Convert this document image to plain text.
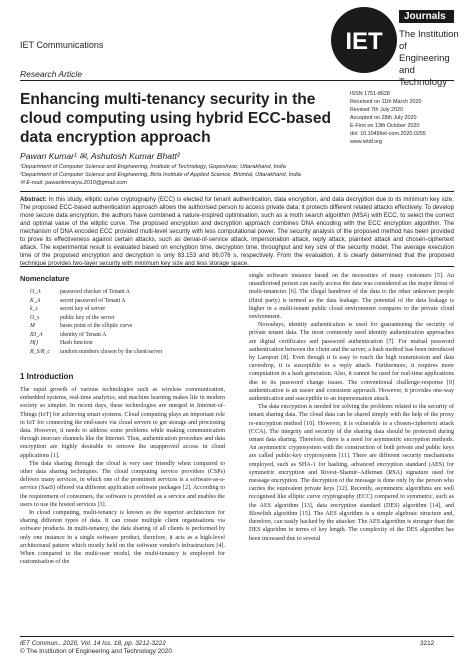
IET Communications
Research Article
IET
Journals
The Institution of
Engineering and Technology
Enhancing multi-tenancy security in the cloud computing using hybrid ECC-based data encryption approach
ISSN 1751-8628
Received on 11th March 2020
Revised 7th July 2020
Accepted on 28th July 2020
E-First on 13th October 2020
doi: 10.1049/iet-com.2020.0255
www.ietdl.org
Pawan Kumar¹ ✉, Ashutosh Kumar Bhatt²
¹Department of Computer Science and Engineering, Institute of Technology, Gopeshwar, Uttarakhand, India
²Department of Computer Science and Engineering, Birla Institute of Applied Science, Bhimtal, Uttarakhand, India
✉ E-mail: pawankmrarya.2010@gmail.com
Abstract: In this study, elliptic curve cryptography (ECC) is elected for tenant authentication, data encryption, and data decryption due to its minimum key size. The proposed ECC-based authentication approach allows the authorised person to access private data; it protects different related attacks effectively. To develop more secure data encryption, the authors have combined a nature-inspired optimisation, such as a moth search algorithm (MSA) with ECC, to select the correct and optimal value of the elliptic curve. The proposed encryption and decryption approach combines DNA encoding with the ECC encryption algorithm. The mechanism of DNA encoded ECC provided multi-level security with less computational power. The security analysis of the proposed method has been provided to prove its effectiveness against certain attacks, such as denial-of-service attack, impersonation attack, reply attack, plaintext attack and chosen-ciphertext attack. The experimental result is evaluated based on encryption time, decryption time, throughput and key size of the security model. The average execution time of the proposed encryption and decryption is only 83.153 and 86.076 s, respectively. From the evaluation, it is clearly determined that the proposed technique provides two-layer security with minimum key size and less storage space.
Nomenclature
O_A	password checker of Tenant A
K_A	secret password of Tenant A
k_s	secret key of server
O_s	public key of the server
M	bases point of the elliptic curve
ID_A	identity of Tenant A
H()	Hash function
R_S/R_c	random numbers chosen by the client/server
1 Introduction

The rapid growth of various technologies such as wireless communication, embedded systems, real-time analytics, and machine learning makes life in modern society so simpler. In recent days, these technologies are merged in Internet-of-Things (IoT) for achieving smart systems. Cloud computing plays an important role in IoT for connecting the end-users via cloud servers to get storage and processing data. However, it needs to address some problems while making communication through insecure channels like the Internet. Thus, authentication procedure and data encryption are highly desirable to remove the unapproved access in cloud applications [1].

The data sharing through the cloud is very user friendly when compared to other data sharing techniques. The cloud computing service providers (CSPs) delivers many services, in which one of the prominent services is a software-as-a-service (SaaS) offered via different application software packages [2]. According to the requirement of consumers, the software is provided as a service and enables the users to use the hosted services [3].

In cloud computing, multi-tenancy is known as the superior architecture for sharing different types of data. It can create multiple client organisations via software products. In multi-tenancy, the data sharing of all clients is performed by only one instance in a single software product, therefore, it acts as a high-level architectural pattern which mostly held on the software vendor's infrastructure [4]. When compared to the multi-user model, the multi-tenancy is employed for customisation of the

single software instance based on the necessities of many customers [5]. An unauthorised person can easily access the data was considered as the major threat of multi-tenancies [6]. The illegal handover of the data to the other unknown people (third party) is termed as the data leakage. The potential of the data leakage is higher in a multi-tenant public cloud environment compares to the private cloud environment.

Nowadays, identity authentication is used for guaranteeing the security of private tenant data. The most commonly used identity authentication approaches are digital certificates and password authentication [7]. For mutual password authentication between the client and the server, a hash method has been introduced by Lamport [8]. Even though it is easy to reach the high transmission and data cavesdrop, it is susceptible to a reply attack. Furthermore, it requires more computation in a hash generation. Also, it cannot be used for real-time applications due to its password change issues. The conventional challenge-response [9] authentication is an easier and consistent approach. However, it provides one-way authentication and susceptible to an impersonation attack.

The data encryption is needed for solving the problems related to the security of tenant sharing data. The cloud data can be shared simply with the help of the proxy re-encryption method [10]. However, it is vulnerable to a chosen-ciphertext attack (CCA). The integrity and security of the sharing data should be protected during tenant data sharing. Therefore, there is a need for asymmetric encryption methods. An asymmetric cryptosystem with the construction of both private and public keys are called public-key cryptosystem [11]. There are different security mechanisms employed, such as SHA-1 for hashing, advanced encryption standard (AES) for symmetric encryption and Rivest–Shamir–Adleman (RSA) signature used for message encryption. The decryption of the message is done only by the person who carries the equivalent private keys [12]. Recently, asymmetric algorithms are well recognised like elliptic curve cryptography (ECC) compared to symmetric, such as the AES algorithm [13], data encryption standard (DES) algorithm [14], and Blowfish algorithm [15]. The AES algorithm is a simple algebraic structure and, therefore, can easily hacked by the attacker. The AES algorithm is stronger than the DES algorithm in terms of key length. The complexity of the DES algorithm has been increased due to several

IET Commun., 2020, Vol. 14 Iss. 18, pp. 3212-3222
© The Institution of Engineering and Technology 2020
3212
